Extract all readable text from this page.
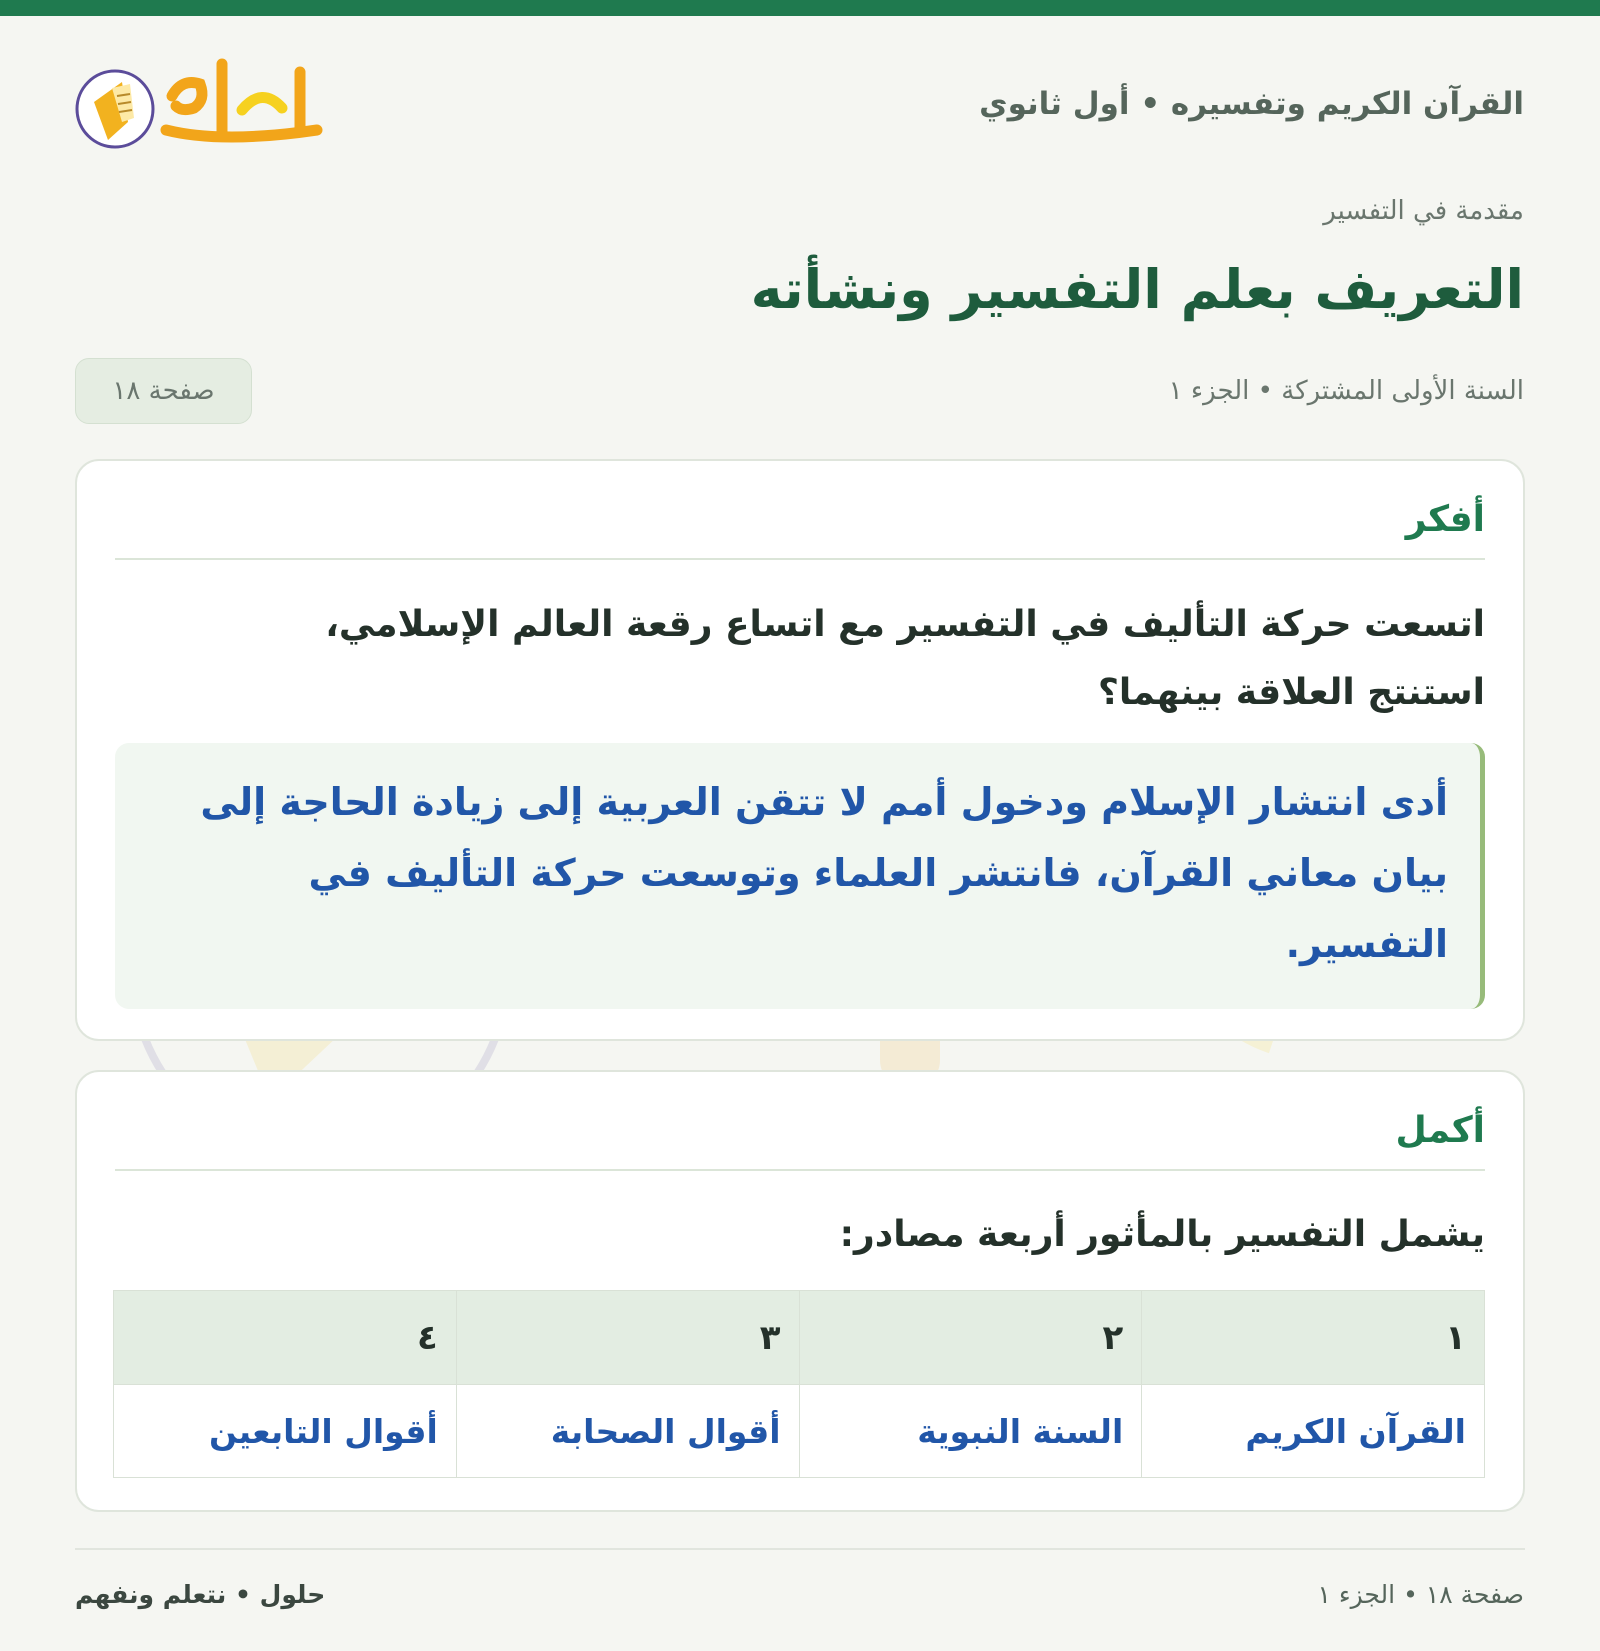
القرآن الكريم وتفسيره • أول ثانوي
مقدمة في التفسير
التعريف بعلم التفسير ونشأته
السنة الأولى المشتركة • الجزء ١
صفحة ١٨
أفكر
اتسعت حركة التأليف في التفسير مع اتساع رقعة العالم الإسلامي،
استنتج العلاقة بينهما؟
أدى انتشار الإسلام ودخول أمم لا تتقن العربية إلى زيادة الحاجة إلى
بيان معاني القرآن، فانتشر العلماء وتوسعت حركة التأليف في
التفسير.
أكمل
يشمل التفسير بالمأثور أربعة مصادر:
١	٢	٣	٤
القرآن الكريم	السنة النبوية	أقوال الصحابة	أقوال التابعين
صفحة ١٨ • الجزء ١
حلول • نتعلم ونفهم
